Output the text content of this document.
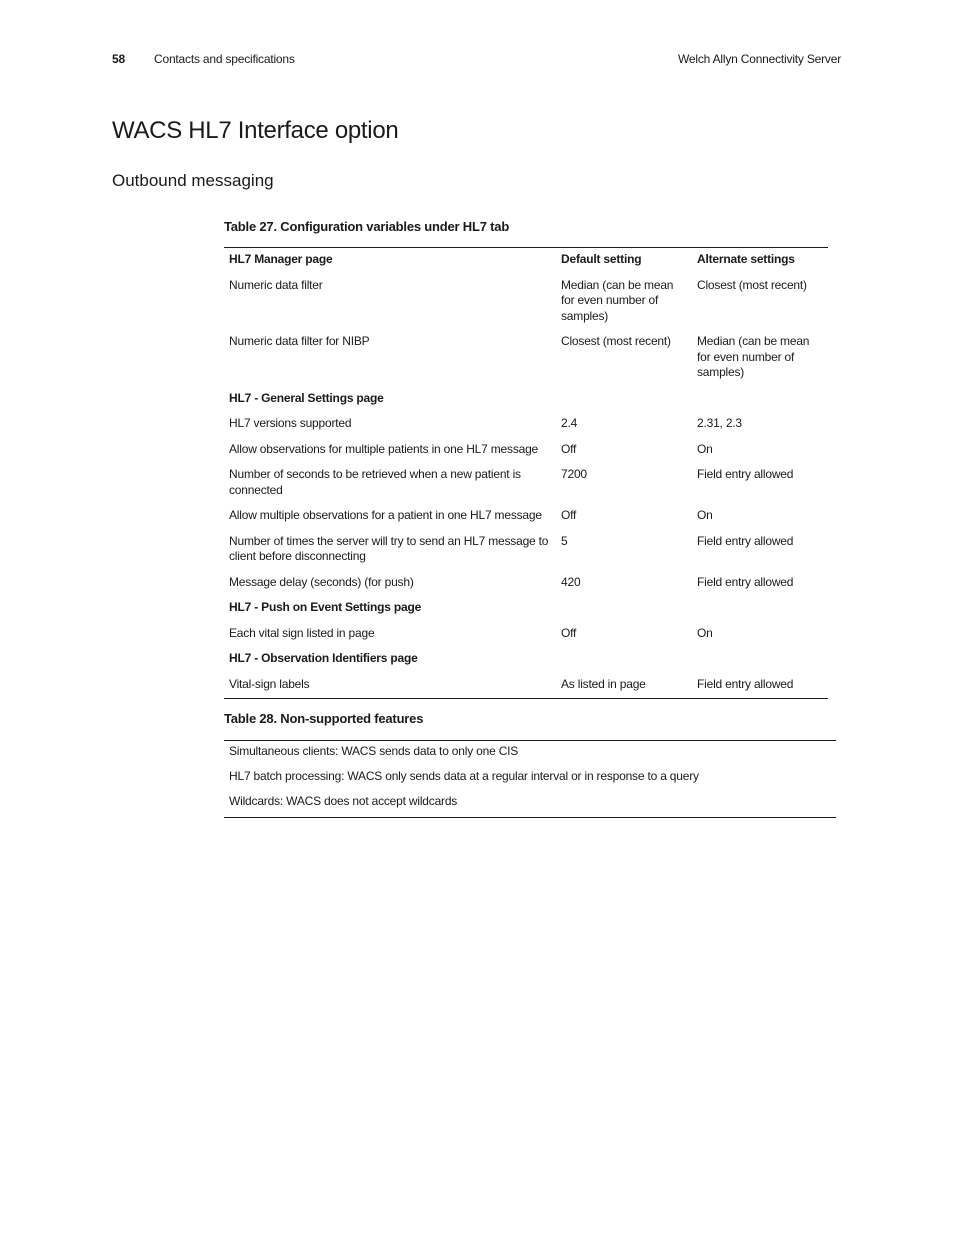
58 Contacts and specifications	Welch Allyn Connectivity Server
WACS HL7 Interface option
Outbound messaging
Table 27. Configuration variables under HL7 tab
HL7 Manager page	Default setting	Alternate settings
Numeric data filter	Median (can be mean for even number of samples)	Closest (most recent)
Numeric data filter for NIBP	Closest (most recent)	Median (can be mean for even number of samples)
HL7 - General Settings page		
HL7 versions supported	2.4	2.31, 2.3
Allow observations for multiple patients in one HL7 message	Off	On
Number of seconds to be retrieved when a new patient is connected	7200	Field entry allowed
Allow multiple observations for a patient in one HL7 message	Off	On
Number of times the server will try to send an HL7 message to client before disconnecting	5	Field entry allowed
Message delay (seconds) (for push)	420	Field entry allowed
HL7 - Push on Event Settings page		
Each vital sign listed in page	Off	On
HL7 - Observation Identifiers page		
Vital-sign labels	As listed in page	Field entry allowed
Table 28. Non-supported features
Simultaneous clients: WACS sends data to only one CIS
HL7 batch processing: WACS only sends data at a regular interval or in response to a query
Wildcards: WACS does not accept wildcards
